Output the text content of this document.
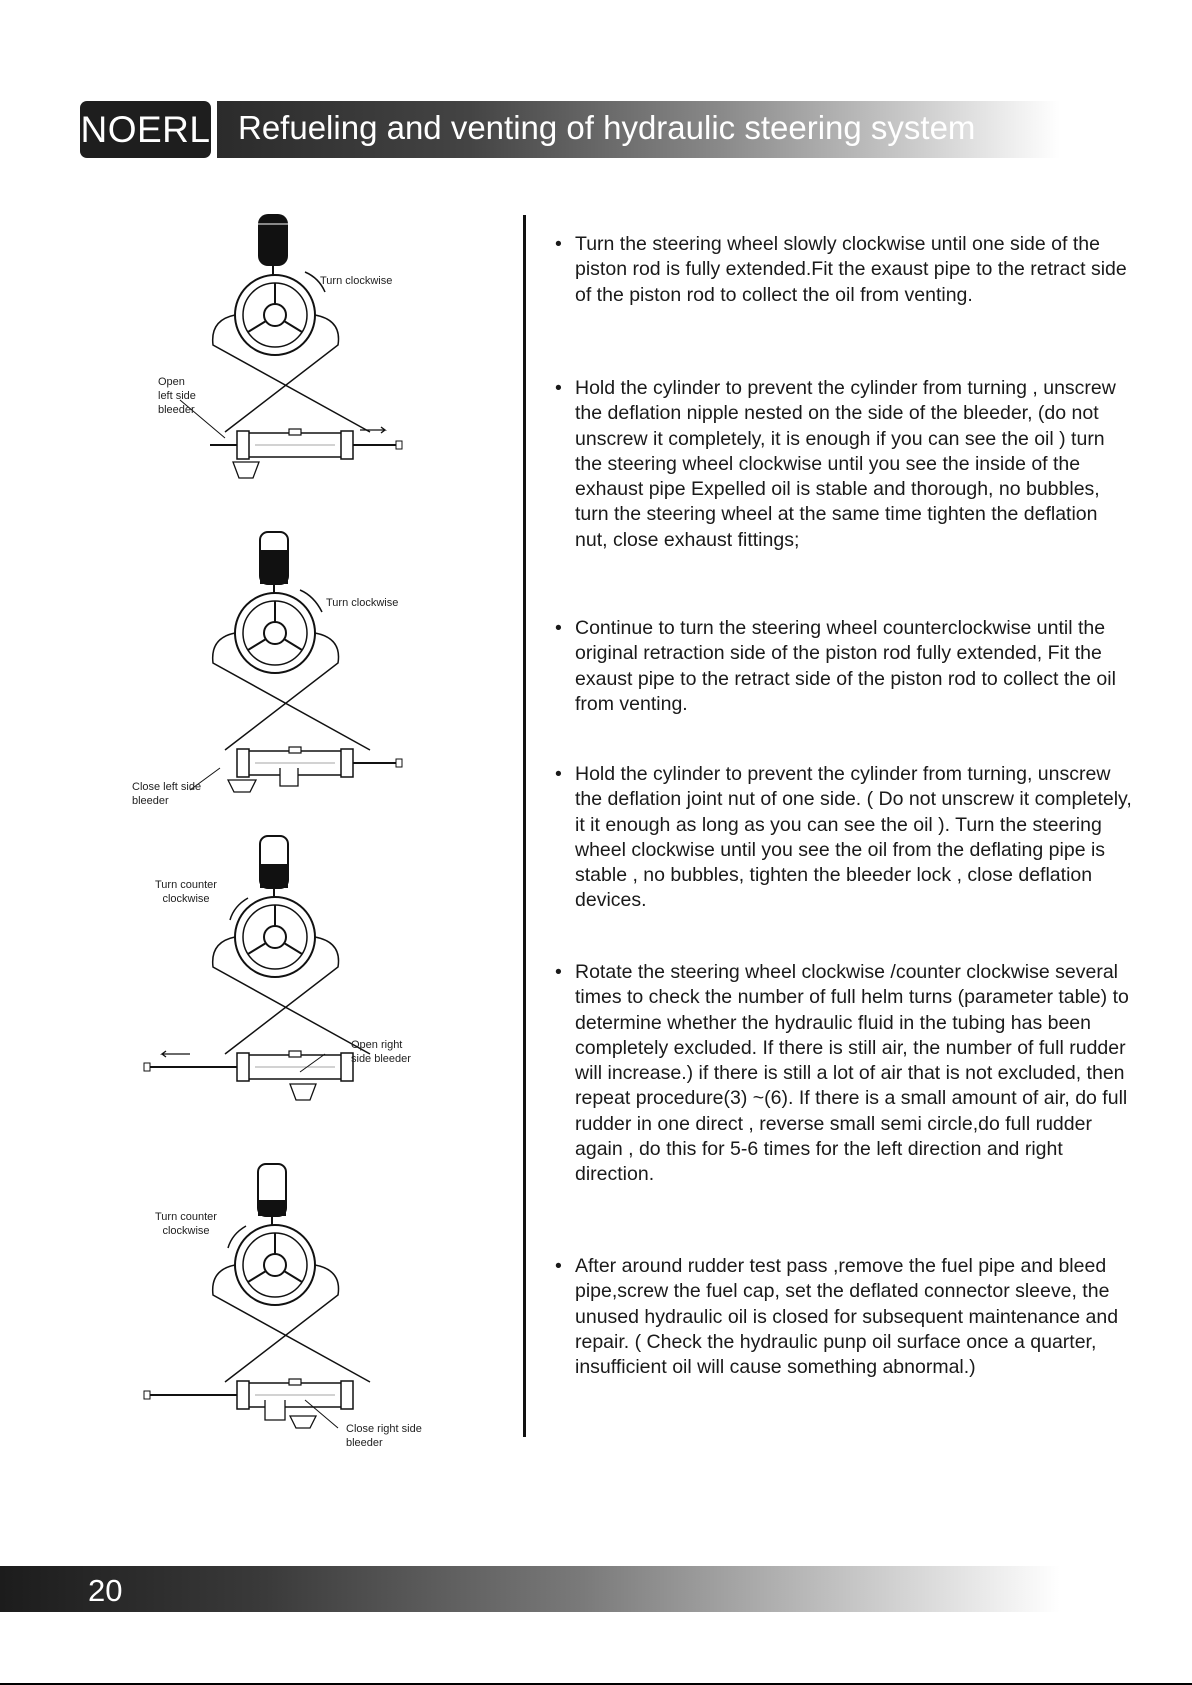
NOERL Refueling and venting of hydraulic steering system
Turn clockwise
Open
left side
bleeder
Turn clockwise
Close left side
bleeder
Turn counter
clockwise
Open right
side bleeder
Turn counter
clockwise
Close right side
bleeder
• Turn the steering wheel slowly clockwise until one side of the piston rod is fully extended.Fit the exaust pipe to the retract side of the piston rod to collect the oil from venting.
• Hold the cylinder to prevent the cylinder from turning , unscrew the deflation nipple nested on the side of the bleeder, (do not unscrew it completely, it is enough if you can see the oil ) turn the steering wheel clockwise until you see the inside of the exhaust pipe Expelled oil is stable and thorough, no bubbles, turn the steering wheel at the same time tighten the deflation nut, close exhaust fittings;
• Continue to turn the steering wheel counterclockwise until the original retraction side of the piston rod fully extended, Fit the exaust pipe to the retract side of the piston rod to collect the oil from venting.
• Hold the cylinder to prevent the cylinder from turning, unscrew the deflation joint nut of one side. ( Do not unscrew it completely, it it enough as long as you can see the oil ). Turn the steering wheel clockwise until you see the oil from the deflating pipe is stable , no bubbles, tighten the bleeder lock , close deflation devices.
• Rotate the steering wheel clockwise /counter clockwise several times to check the number of full helm turns (parameter table) to determine whether the hydraulic fluid in the tubing has been completely excluded. If there is still air, the number of full rudder will increase.) if there is still a lot of air that is not excluded, then repeat procedure(3) ~(6). If there is a small amount of air, do full rudder in one direct , reverse small semi circle,do full rudder again , do this for 5-6 times for the left direction and right direction.
• After around rudder test pass ,remove the fuel pipe and bleed pipe,screw the fuel cap, set the deflated connector sleeve, the unused hydraulic oil is closed for subsequent maintenance and repair. ( Check the hydraulic punp oil surface once a quarter, insufficient oil will cause something abnormal.)
20
